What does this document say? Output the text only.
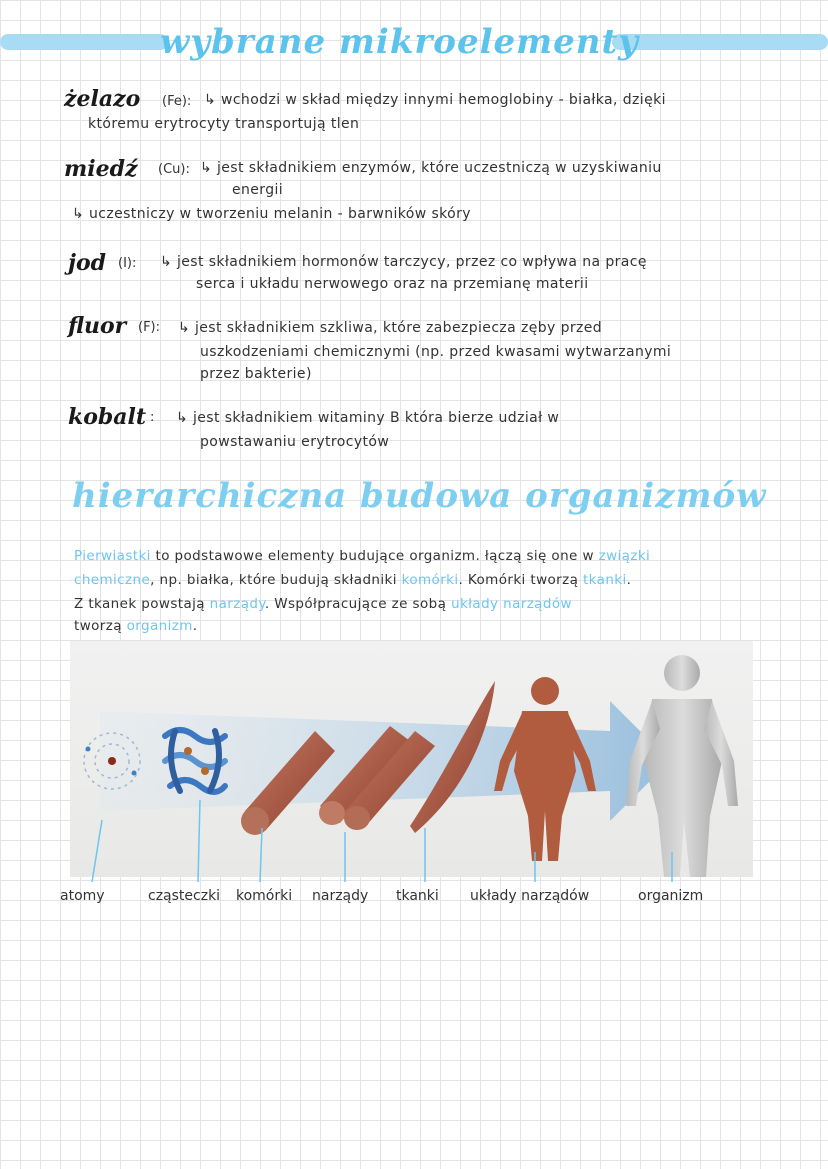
wybrane mikroelementy
żelazo (Fe): ↳ wchodzi w skład między innymi hemoglobiny - białka, dzięki
któremu erytrocyty transportują tlen
miedź (Cu): ↳ jest składnikiem enzymów, które uczestniczą w uzyskiwaniu
energii
↳ uczestniczy w tworzeniu melanin - barwników skóry
jod (I): ↳ jest składnikiem hormonów tarczycy, przez co wpływa na pracę
serca i układu nerwowego oraz na przemianę materii
fluor (F): ↳ jest składnikiem szkliwa, które zabezpiecza zęby przed
uszkodzeniami chemicznymi (np. przed kwasami wytwarzanymi
przez bakterie)
kobalt : ↳ jest składnikiem witaminy B która bierze udział w
powstawaniu erytrocytów
hierarchiczna budowa organizmów
Pierwiastki to podstawowe elementy budujące organizm. łączą się one w związki
chemiczne, np. białka, które budują składniki komórki. Komórki tworzą tkanki.
Z tkanek powstają narządy. Współpracujące ze sobą układy narządów
tworzą organizm.
atomy	cząsteczki komórki narządy tkanki układy narządów	organizm
